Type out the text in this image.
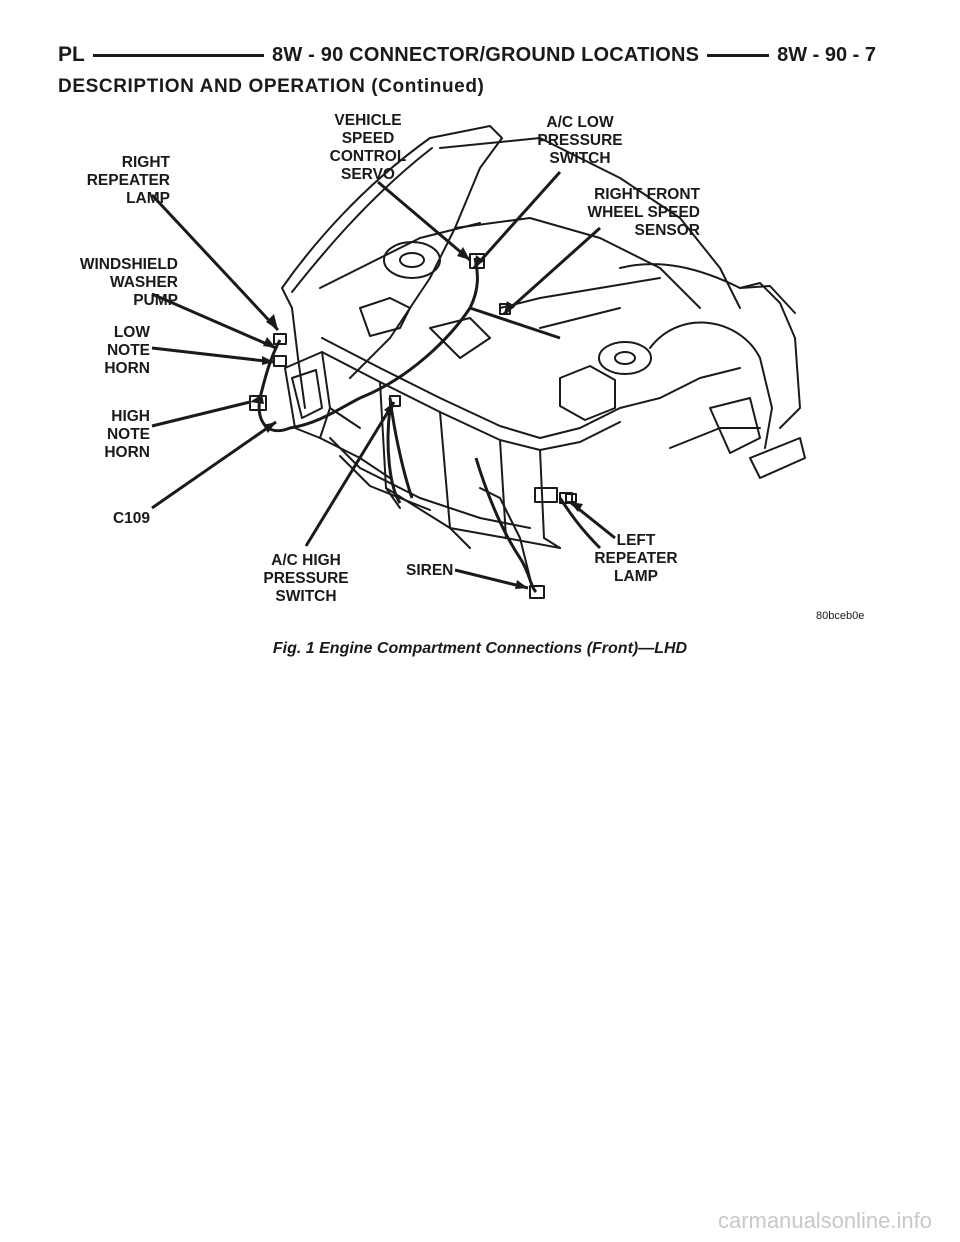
PL	8W - 90 CONNECTOR/GROUND LOCATIONS	8W - 90 - 7
DESCRIPTION AND OPERATION (Continued)
RIGHT
REPEATER
LAMP
WINDSHIELD
WASHER
PUMP
LOW
NOTE
HORN
HIGH
NOTE
HORN
C109
VEHICLE
SPEED
CONTROL
SERVO
A/C LOW
PRESSURE
SWITCH
RIGHT FRONT
WHEEL SPEED
SENSOR
A/C HIGH
PRESSURE
SWITCH
SIREN
LEFT
REPEATER
LAMP
80bceb0e
Fig. 1 Engine Compartment Connections (Front)—LHD
carmanualsonline.info
